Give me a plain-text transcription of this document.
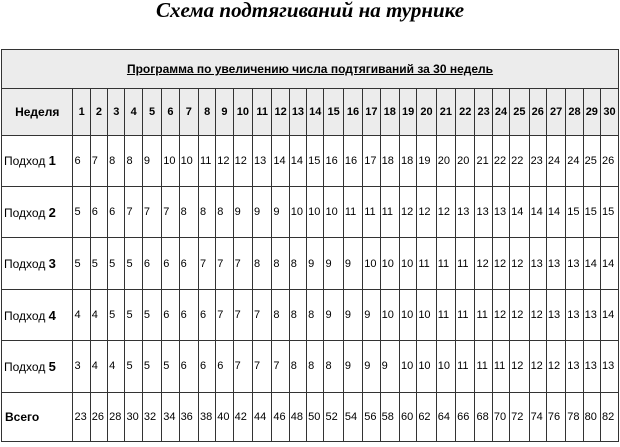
Схема подтягиваний на турнике
Программа по увеличению числа подтягиваний за 30 недель																														
Неделя	1	2	3	4	5	6	7	8	9	10	11	12	13	14	15	16	17	18	19	20	21	22	23	24	25	26	27	28	29	30
Подход 1	6	7	8	8	9	10	10	11	12	12	13	14	14	15	16	16	17	18	18	19	20	20	21	22	22	23	24	24	25	26
Подход 2	5	6	6	7	7	7	8	8	8	9	9	9	10	10	10	11	11	11	12	12	12	13	13	13	14	14	14	15	15	15
Подход 3	5	5	5	5	6	6	6	7	7	7	8	8	8	9	9	9	10	10	10	11	11	11	12	12	12	13	13	13	14	14
Подход 4	4	4	5	5	5	6	6	6	7	7	7	8	8	8	9	9	9	10	10	10	11	11	11	12	12	12	13	13	13	14
Подход 5	3	4	4	5	5	5	6	6	6	7	7	7	8	8	8	9	9	9	10	10	10	11	11	11	12	12	12	13	13	13
Всего	23	26	28	30	32	34	36	38	40	42	44	46	48	50	52	54	56	58	60	62	64	66	68	70	72	74	76	78	80	82
